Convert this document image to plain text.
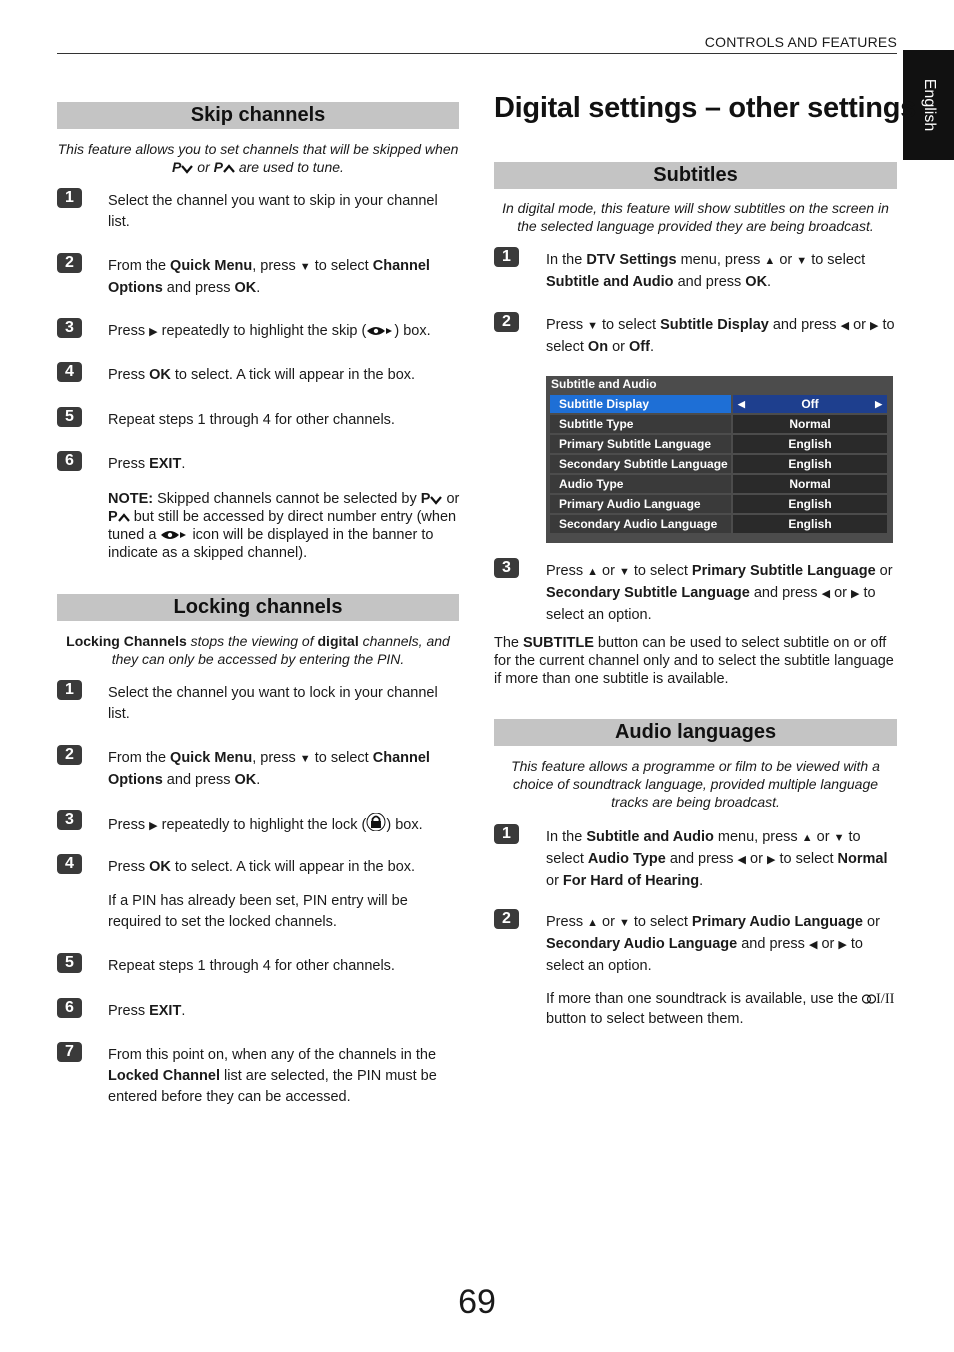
CONTROLS AND FEATURES
English
Skip channels
This feature allows you to set channels that will be skipped when
P or P are used to tune.
1	Select the channel you want to skip in your channel list.
2	From the Quick Menu, press ▼ to select Channel Options and press OK.
3	Press ▶ repeatedly to highlight the skip ( ) box.
4	Press OK to select. A tick will appear in the box.
5	Repeat steps 1 through 4 for other channels.
6	Press EXIT.
NOTE: Skipped channels cannot be selected by P or P but still be accessed by direct number entry (when tuned a icon will be displayed in the banner to indicate as a skipped channel).
Locking channels
Locking Channels stops the viewing of digital channels, and they can only be accessed by entering the PIN.
1	Select the channel you want to lock in your channel list.
2	From the Quick Menu, press ▼ to select Channel Options and press OK.
3	Press ▶ repeatedly to highlight the lock ( ) box.
4	Press OK to select. A tick will appear in the box.
If a PIN has already been set, PIN entry will be required to set the locked channels.
5	Repeat steps 1 through 4 for other channels.
6	Press EXIT.
7	From this point on, when any of the channels in the Locked Channel list are selected, the PIN must be entered before they can be accessed.
Digital settings – other settings
Subtitles
In digital mode, this feature will show subtitles on the screen in the selected language provided they are being broadcast.
1	In the DTV Settings menu, press ▲ or ▼ to select Subtitle and Audio and press OK.
2	Press ▼ to select Subtitle Display and press ◀ or ▶ to select On or Off.
Subtitle and Audio
Subtitle Display	◀	Off	▶
Subtitle Type	Normal
Primary Subtitle Language	English
Secondary Subtitle Language	English
Audio Type	Normal
Primary Audio Language	English
Secondary Audio Language	English
3	Press ▲ or ▼ to select Primary Subtitle Language or Secondary Subtitle Language and press ◀ or ▶ to select an option.
The SUBTITLE button can be used to select subtitle on or off for the current channel only and to select the subtitle language if more than one subtitle is available.
Audio languages
This feature allows a programme or film to be viewed with a choice of soundtrack language, provided multiple language tracks are being broadcast.
1	In the Subtitle and Audio menu, press ▲ or ▼ to select Audio Type and press ◀ or ▶ to select Normal or For Hard of Hearing.
2	Press ▲ or ▼ to select Primary Audio Language or Secondary Audio Language and press ◀ or ▶ to select an option.
If more than one soundtrack is available, use the I/II button to select between them.
69
